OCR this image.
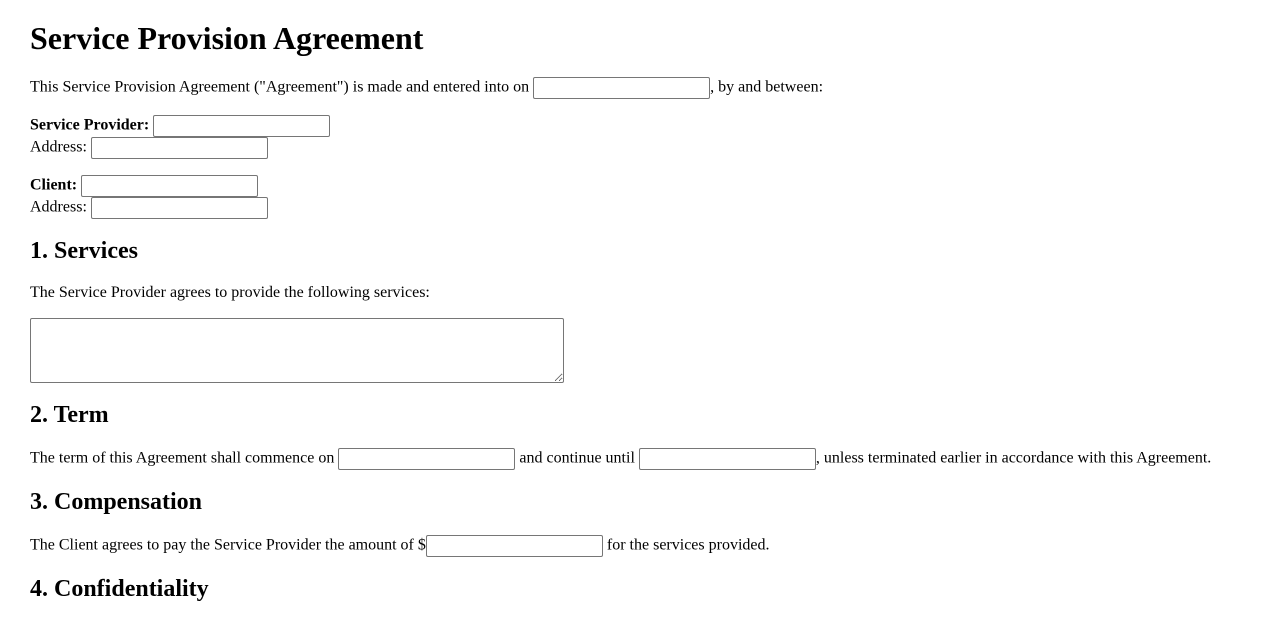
Service Provision Agreement

This Service Provision Agreement ("Agreement") is made and entered into on	, by and between:

Service Provider:
Address:

Client:
Address:

1. Services

The Service Provider agrees to provide the following services:

2. Term

The term of this Agreement shall commence on	and continue until	, unless terminated earlier in accordance with this Agreement.

3. Compensation

The Client agrees to pay the Service Provider the amount of $	for the services provided.

4. Confidentiality
